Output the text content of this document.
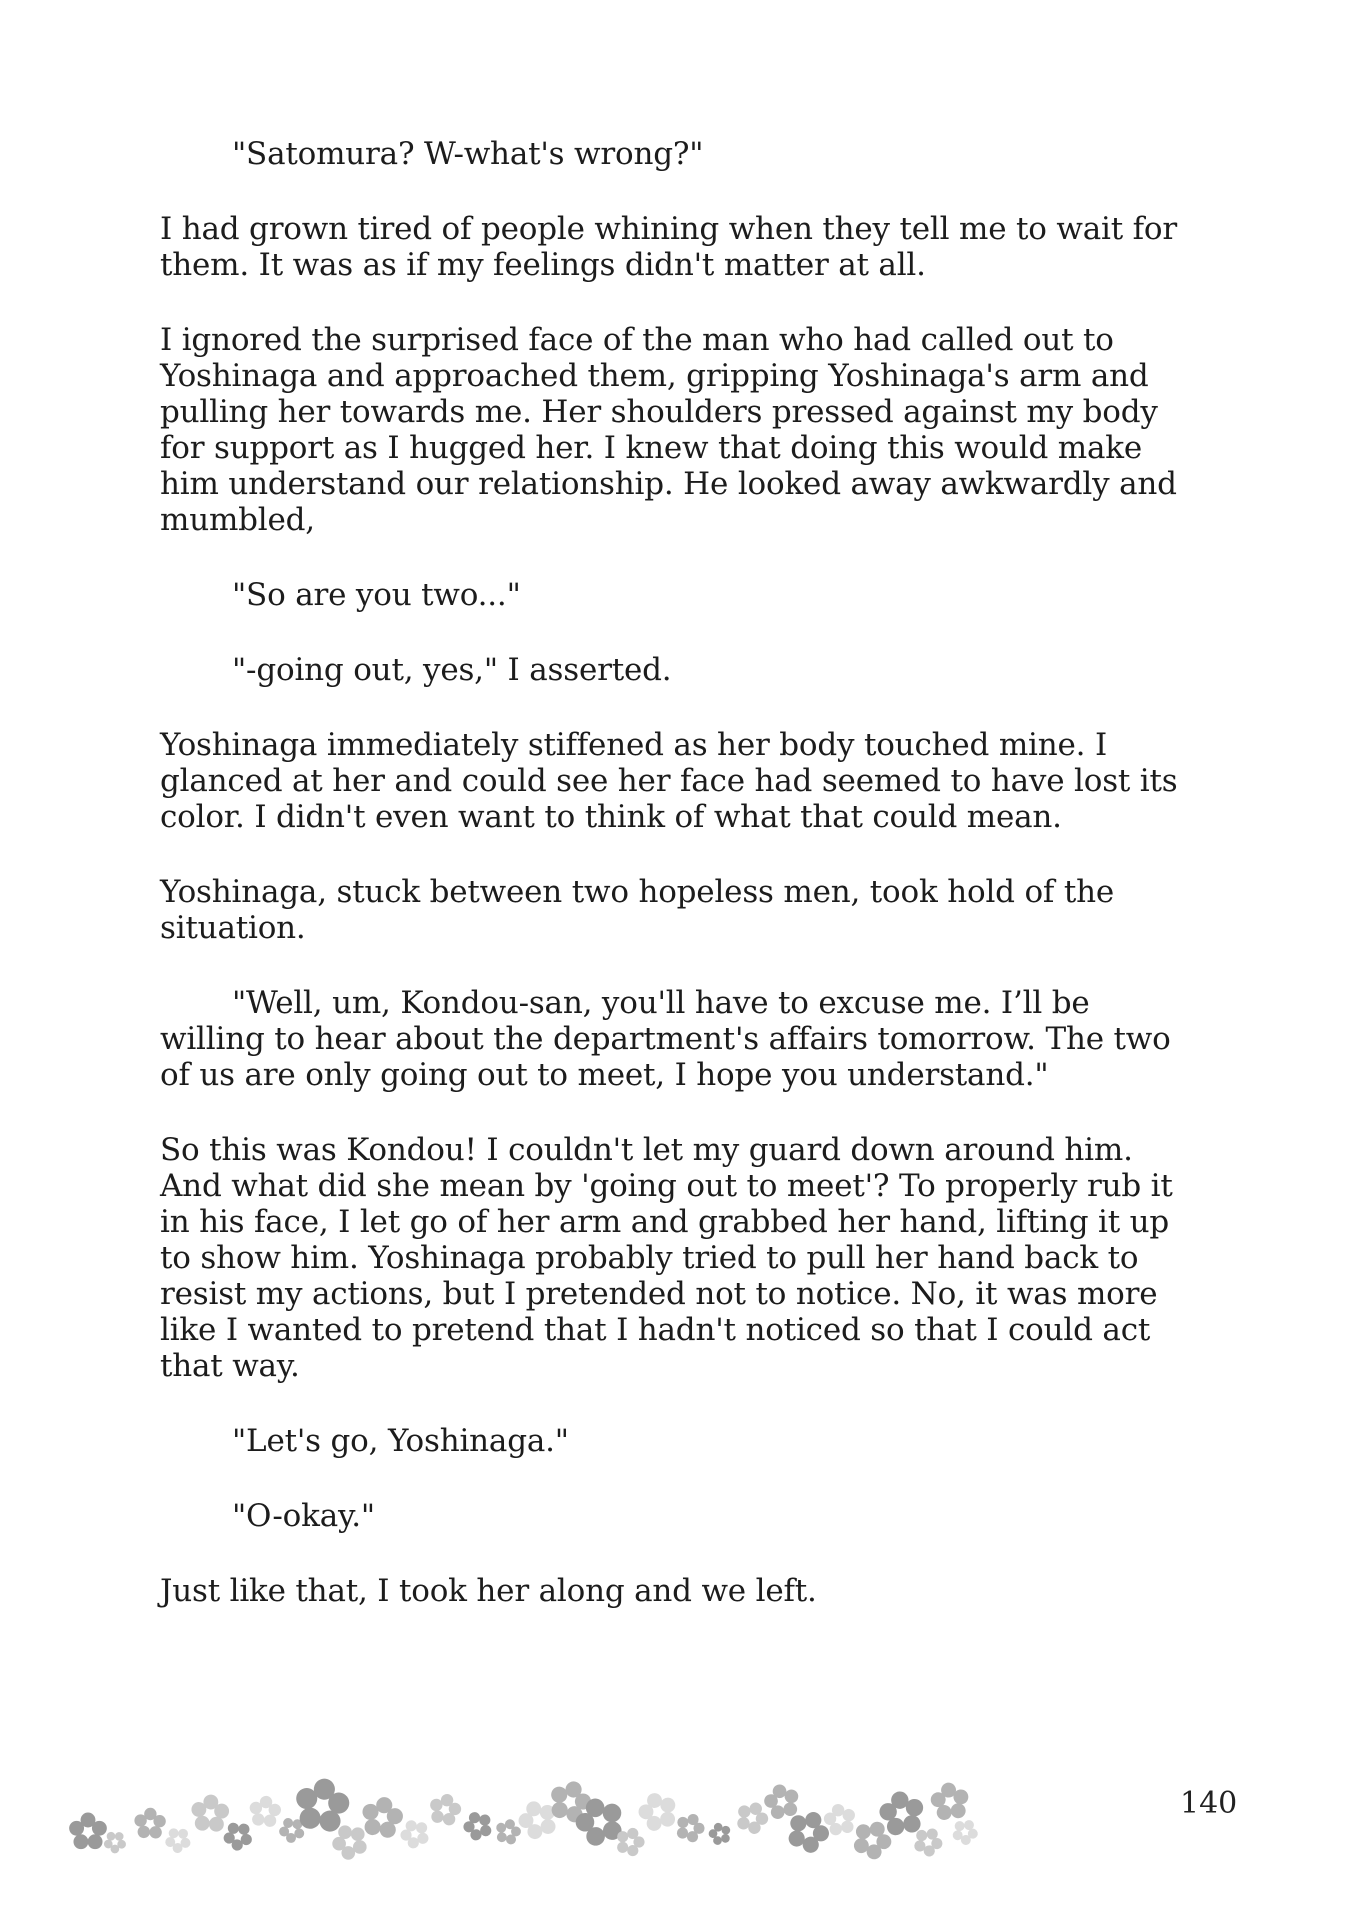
"Satomura? W-what's wrong?"

I had grown tired of people whining when they tell me to wait for them. It was as if my feelings didn't matter at all.

I ignored the surprised face of the man who had called out to Yoshinaga and approached them, gripping Yoshinaga's arm and pulling her towards me. Her shoulders pressed against my body for support as I hugged her. I knew that doing this would make him understand our relationship. He looked away awkwardly and mumbled,

"So are you two..."

"-going out, yes," I asserted.

Yoshinaga immediately stiffened as her body touched mine. I glanced at her and could see her face had seemed to have lost its color. I didn't even want to think of what that could mean.

Yoshinaga, stuck between two hopeless men, took hold of the situation.

"Well, um, Kondou-san, you'll have to excuse me. I’ll be willing to hear about the department's affairs tomorrow. The two of us are only going out to meet, I hope you understand."

So this was Kondou! I couldn't let my guard down around him. And what did she mean by 'going out to meet'? To properly rub it in his face, I let go of her arm and grabbed her hand, lifting it up to show him. Yoshinaga probably tried to pull her hand back to resist my actions, but I pretended not to notice. No, it was more like I wanted to pretend that I hadn't noticed so that I could act that way.

"Let's go, Yoshinaga."

"O-okay."

Just like that, I took her along and we left.

140
